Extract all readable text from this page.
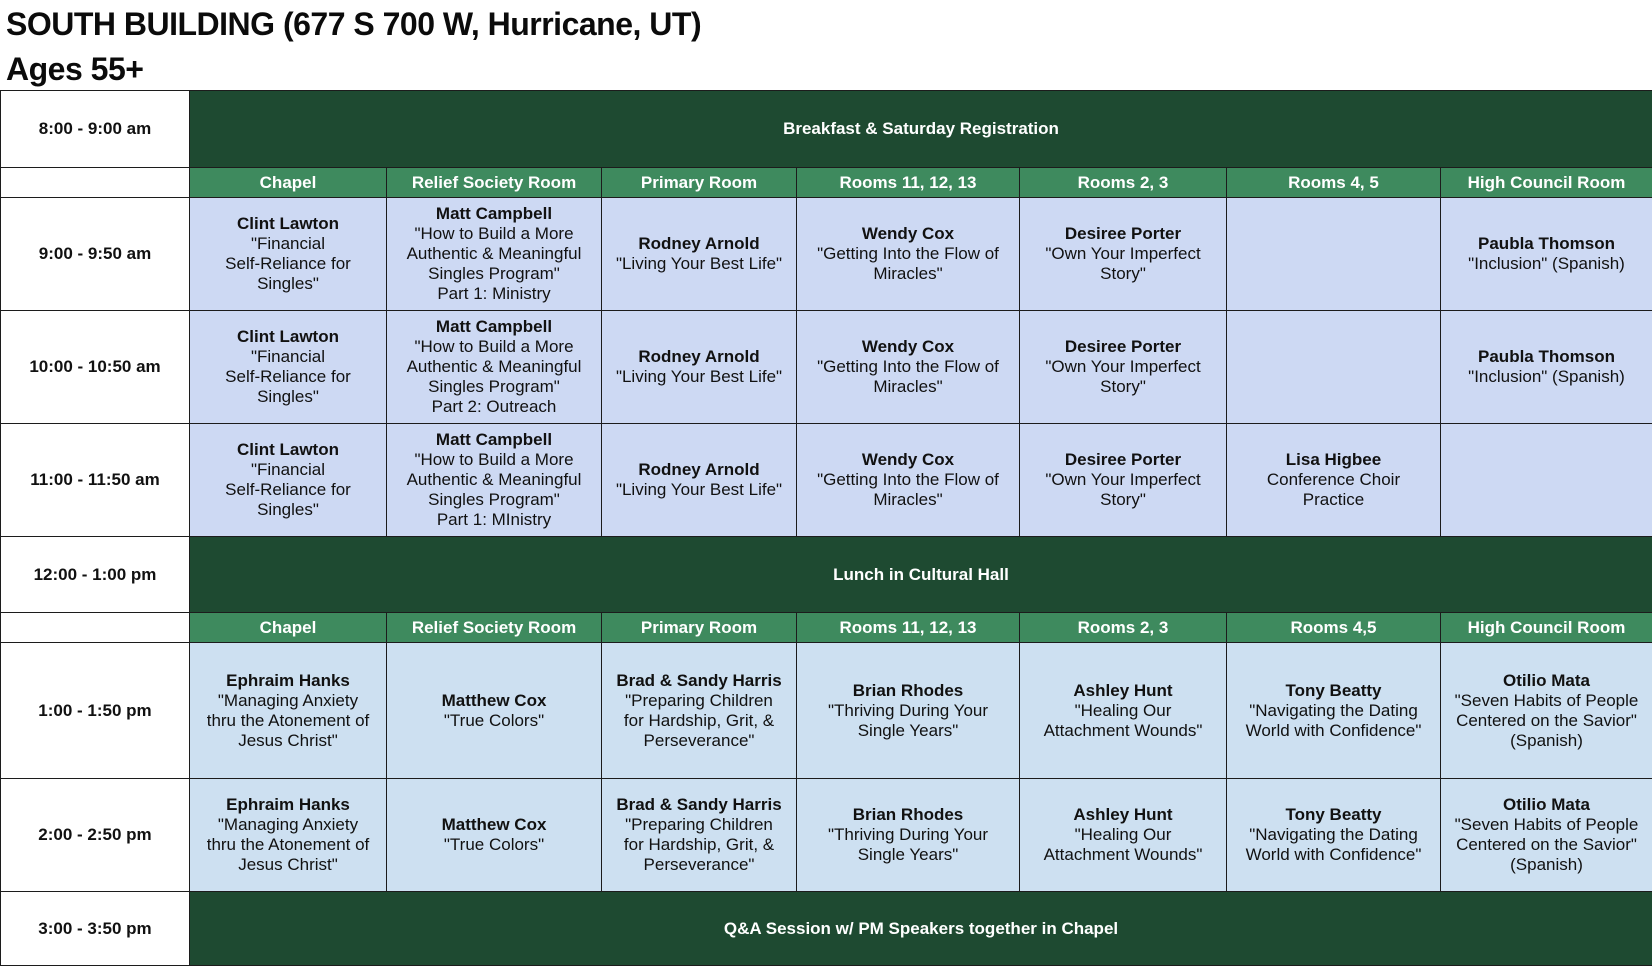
SOUTH BUILDING (677 S 700 W, Hurricane, UT)
Ages 55+
8:00 - 9:00 am	Breakfast & Saturday Registration						
	Chapel	Relief Society Room	Primary Room	Rooms 11, 12, 13	Rooms 2, 3	Rooms 4, 5	High Council Room
9:00 - 9:50 am	Clint Lawton
"Financial
Self-Reliance for
Singles"	Matt Campbell
"How to Build a More
Authentic & Meaningful
Singles Program"
Part 1: Ministry	Rodney Arnold
"Living Your Best Life"	Wendy Cox
"Getting Into the Flow of
Miracles"	Desiree Porter
"Own Your Imperfect
Story"		Paubla Thomson
"Inclusion" (Spanish)

10:00 - 10:50 am	Clint Lawton
"Financial
Self-Reliance for
Singles"	Matt Campbell
"How to Build a More
Authentic & Meaningful
Singles Program"
Part 2: Outreach	Rodney Arnold
"Living Your Best Life"	Wendy Cox
"Getting Into the Flow of
Miracles"	Desiree Porter
"Own Your Imperfect
Story"		Paubla Thomson
"Inclusion" (Spanish)

11:00 - 11:50 am	Clint Lawton
"Financial
Self-Reliance for
Singles"	Matt Campbell
"How to Build a More
Authentic & Meaningful
Singles Program"
Part 1: MInistry	Rodney Arnold
"Living Your Best Life"	Wendy Cox
"Getting Into the Flow of
Miracles"	Desiree Porter
"Own Your Imperfect
Story"	Lisa Higbee
Conference Choir
Practice	

12:00 - 1:00 pm	Lunch in Cultural Hall						
	Chapel	Relief Society Room	Primary Room	Rooms 11, 12, 13	Rooms 2, 3	Rooms 4,5	High Council Room
1:00 - 1:50 pm	Ephraim Hanks
"Managing Anxiety
thru the Atonement of
Jesus Christ"	Matthew Cox
"True Colors"	Brad & Sandy Harris
"Preparing Children
for Hardship, Grit, &
Perseverance"	Brian Rhodes
"Thriving During Your
Single Years"	Ashley Hunt
"Healing Our
Attachment Wounds"	Tony Beatty
"Navigating the Dating
World with Confidence"	Otilio Mata
"Seven Habits of People
Centered on the Savior"
(Spanish)

2:00 - 2:50 pm	Ephraim Hanks
"Managing Anxiety
thru the Atonement of
Jesus Christ"	Matthew Cox
"True Colors"	Brad & Sandy Harris
"Preparing Children
for Hardship, Grit, &
Perseverance"	Brian Rhodes
"Thriving During Your
Single Years"	Ashley Hunt
"Healing Our
Attachment Wounds"	Tony Beatty
"Navigating the Dating
World with Confidence"	Otilio Mata
"Seven Habits of People
Centered on the Savior"
(Spanish)

3:00 - 3:50 pm	Q&A Session w/ PM Speakers together in Chapel						
